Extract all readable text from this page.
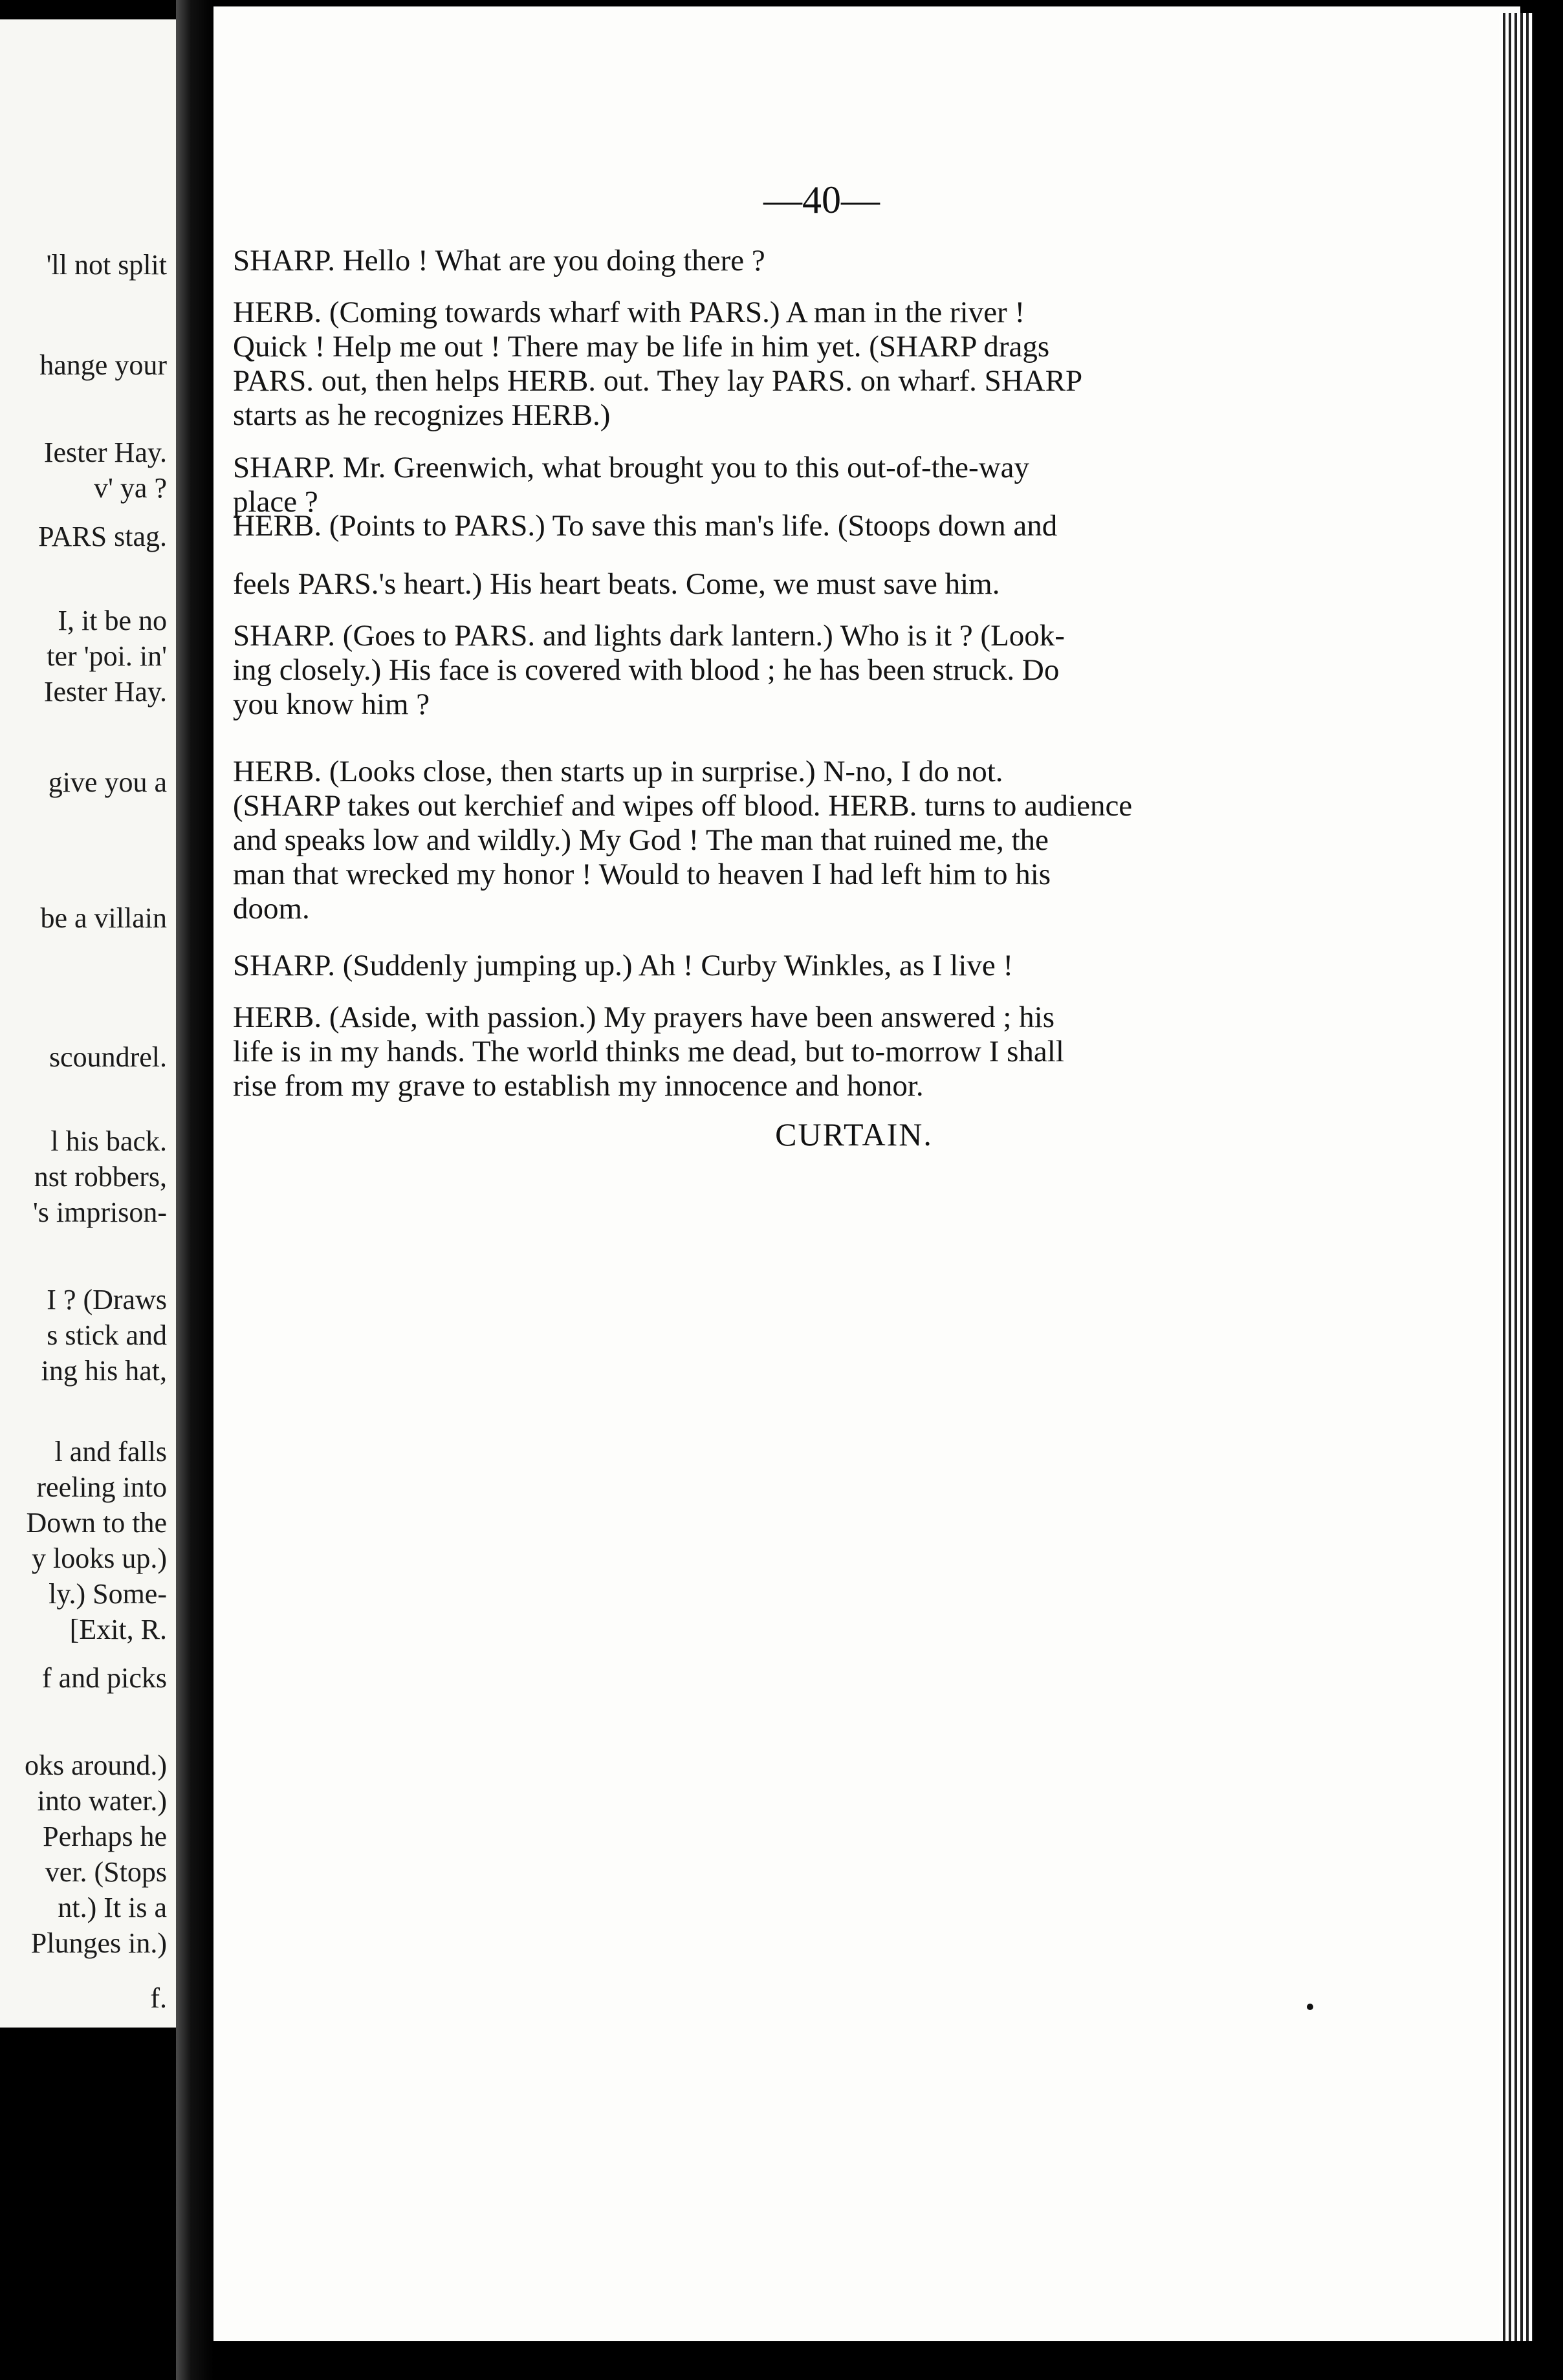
'll not split
hange your
Iester Hay.
v' ya ?
PARS stag.
I, it be no
ter 'poi. in'
Iester Hay.
give you a
be a villain
scoundrel.
l his back.
nst robbers,
's imprison-
I ? (Draws
s stick and
ing his hat,
l and falls
reeling into
Down to the
y looks up.)
ly.) Some-
[Exit, R.
f and picks
oks around.)
into water.)
Perhaps he
ver. (Stops
nt.) It is a
Plunges in.)
f.
—40—
SHARP. Hello ! What are you doing there ?
HERB. (Coming towards wharf with PARS.) A man in the river !
Quick ! Help me out ! There may be life in him yet. (SHARP drags
PARS. out, then helps HERB. out. They lay PARS. on wharf. SHARP
starts as he recognizes HERB.)
SHARP. Mr. Greenwich, what brought you to this out-of-the-way
place ?
HERB. (Points to PARS.) To save this man's life. (Stoops down and
feels PARS.'s heart.) His heart beats. Come, we must save him.
SHARP. (Goes to PARS. and lights dark lantern.) Who is it ? (Look-
ing closely.) His face is covered with blood ; he has been struck. Do
you know him ?
HERB. (Looks close, then starts up in surprise.) N-no, I do not.
(SHARP takes out kerchief and wipes off blood. HERB. turns to audience
and speaks low and wildly.) My God ! The man that ruined me, the
man that wrecked my honor ! Would to heaven I had left him to his
doom.
SHARP. (Suddenly jumping up.) Ah ! Curby Winkles, as I live !
HERB. (Aside, with passion.) My prayers have been answered ; his
life is in my hands. The world thinks me dead, but to-morrow I shall
rise from my grave to establish my innocence and honor.
CURTAIN.
